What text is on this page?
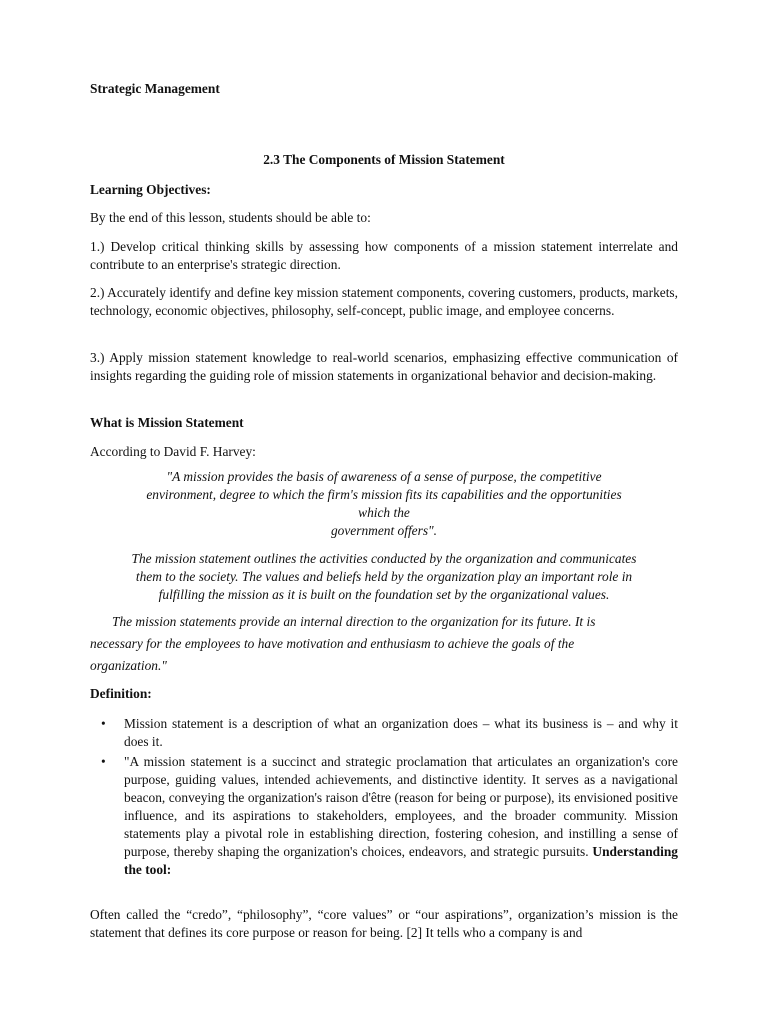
Strategic Management
2.3 The Components of Mission Statement
Learning Objectives:
By the end of this lesson, students should be able to:
1.) Develop critical thinking skills by assessing how components of a mission statement interrelate and contribute to an enterprise's strategic direction.
2.) Accurately identify and define key mission statement components, covering customers, products, markets, technology, economic objectives, philosophy, self-concept, public image, and employee concerns.
3.) Apply mission statement knowledge to real-world scenarios, emphasizing effective communication of insights regarding the guiding role of mission statements in organizational behavior and decision-making.
What is Mission Statement
According to David F. Harvey:
"A mission provides the basis of awareness of a sense of purpose, the competitive
environment, degree to which the firm's mission fits its capabilities and the opportunities
which the
government offers".
The mission statement outlines the activities conducted by the organization and communicates
them to the society. The values and beliefs held by the organization play an important role in
fulfilling the mission as it is built on the foundation set by the organizational values.
The mission statements provide an internal direction to the organization for its future. It is
necessary for the employees to have motivation and enthusiasm to achieve the goals of the
organization."
Definition:
• Mission statement is a description of what an organization does – what its business is – and why it does it.
• "A mission statement is a succinct and strategic proclamation that articulates an organization's core purpose, guiding values, intended achievements, and distinctive identity. It serves as a navigational beacon, conveying the organization's raison d'être (reason for being or purpose), its envisioned positive influence, and its aspirations to stakeholders, employees, and the broader community. Mission statements play a pivotal role in establishing direction, fostering cohesion, and instilling a sense of purpose, thereby shaping the organization's choices, endeavors, and strategic pursuits. Understanding the tool:
Often called the “credo”, “philosophy”, “core values” or “our aspirations”, organization’s mission is the statement that defines its core purpose or reason for being. [2] It tells who a company is and
